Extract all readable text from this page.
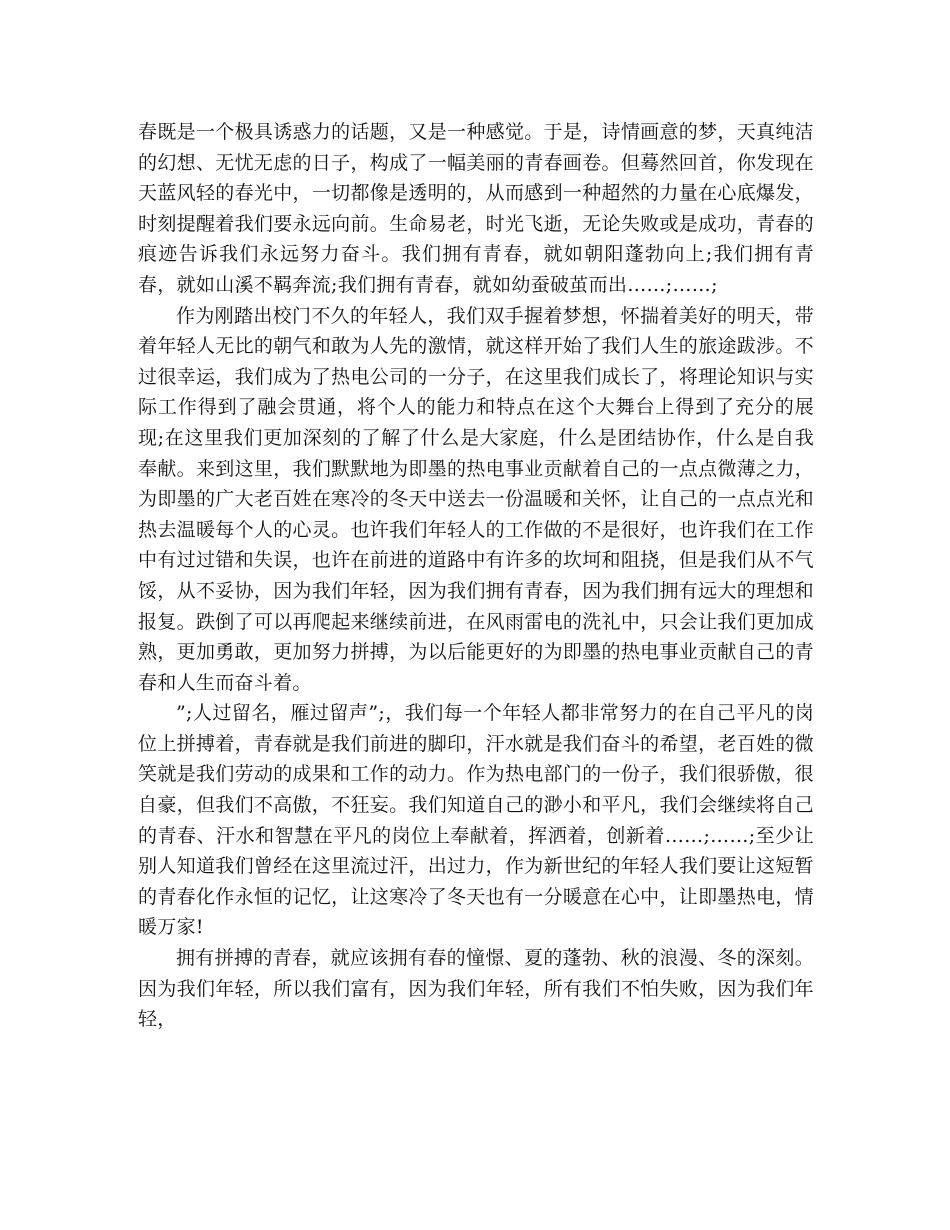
春既是一个极具诱惑力的话题，又是一种感觉。于是，诗情画意的梦，天真纯洁的幻想、无忧无虑的日子，构成了一幅美丽的青春画卷。但蓦然回首，你发现在天蓝风轻的春光中，一切都像是透明的，从而感到一种超然的力量在心底爆发，时刻提醒着我们要永远向前。生命易老，时光飞逝，无论失败或是成功，青春的痕迹告诉我们永远努力奋斗。我们拥有青春，就如朝阳蓬勃向上;我们拥有青春，就如山溪不羁奔流;我们拥有青春，就如幼蚕破茧而出……;……;

作为刚踏出校门不久的年轻人，我们双手握着梦想，怀揣着美好的明天，带着年轻人无比的朝气和敢为人先的激情，就这样开始了我们人生的旅途跋涉。不过很幸运，我们成为了热电公司的一分子，在这里我们成长了，将理论知识与实际工作得到了融会贯通，将个人的能力和特点在这个大舞台上得到了充分的展现;在这里我们更加深刻的了解了什么是大家庭，什么是团结协作，什么是自我奉献。来到这里，我们默默地为即墨的热电事业贡献着自己的一点点微薄之力，为即墨的广大老百姓在寒冷的冬天中送去一份温暖和关怀，让自己的一点点光和热去温暖每个人的心灵。也许我们年轻人的工作做的不是很好，也许我们在工作中有过过错和失误，也许在前进的道路中有许多的坎坷和阻挠，但是我们从不气馁，从不妥协，因为我们年轻，因为我们拥有青春，因为我们拥有远大的理想和报复。跌倒了可以再爬起来继续前进，在风雨雷电的洗礼中，只会让我们更加成熟，更加勇敢，更加努力拼搏，为以后能更好的为即墨的热电事业贡献自己的青春和人生而奋斗着。

”;人过留名，雁过留声”;，我们每一个年轻人都非常努力的在自己平凡的岗位上拼搏着，青春就是我们前进的脚印，汗水就是我们奋斗的希望，老百姓的微笑就是我们劳动的成果和工作的动力。作为热电部门的一份子，我们很骄傲，很自豪，但我们不高傲，不狂妄。我们知道自己的渺小和平凡，我们会继续将自己的青春、汗水和智慧在平凡的岗位上奉献着，挥洒着，创新着……;……;至少让别人知道我们曾经在这里流过汗，出过力，作为新世纪的年轻人我们要让这短暂的青春化作永恒的记忆，让这寒冷了冬天也有一分暖意在心中，让即墨热电，情暖万家!

拥有拼搏的青春，就应该拥有春的憧憬、夏的蓬勃、秋的浪漫、冬的深刻。因为我们年轻，所以我们富有，因为我们年轻，所有我们不怕失败，因为我们年轻，
